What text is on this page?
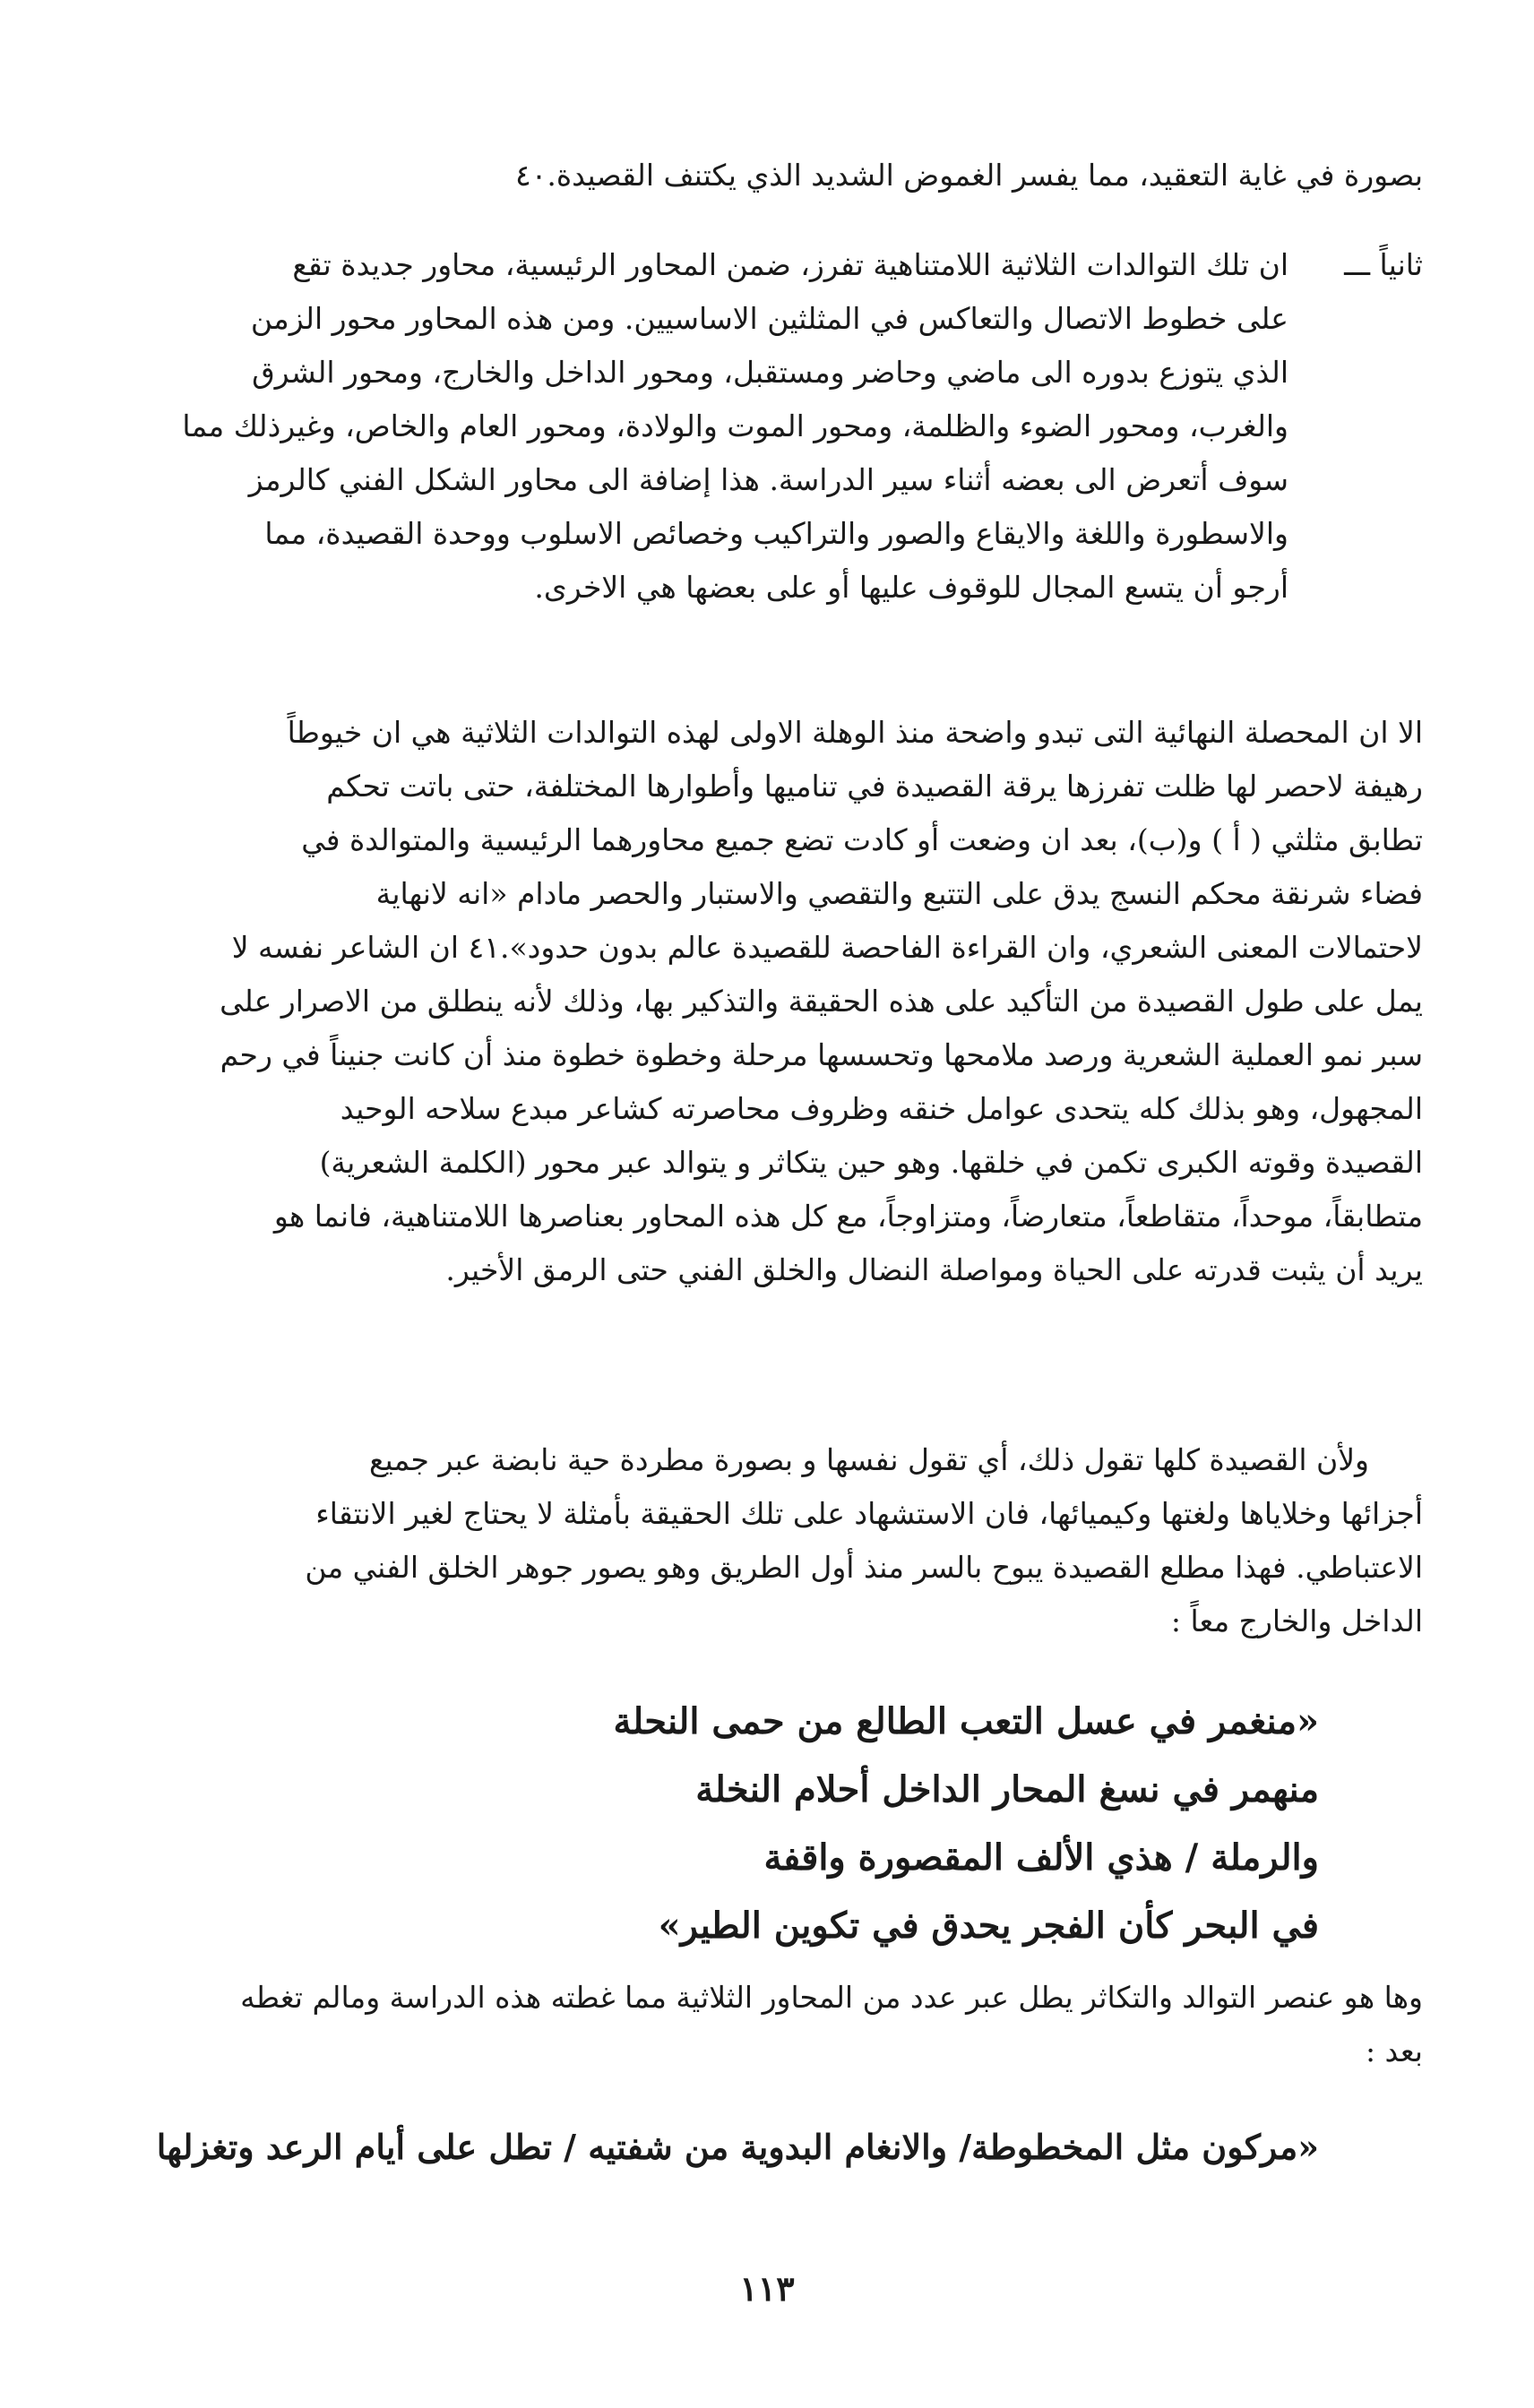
بصورة في غاية التعقيد، مما يفسر الغموض الشديد الذي يكتنف القصيدة.٤٠
ثانياً ـــ
ان تلك التوالدات الثلاثية اللامتناهية تفرز، ضمن المحاور الرئيسية، محاور جديدة تقع
على خطوط الاتصال والتعاكس في المثلثين الاساسيين. ومن هذه المحاور محور الزمن
الذي يتوزع بدوره الى ماضي وحاضر ومستقبل، ومحور الداخل والخارج، ومحور الشرق
والغرب، ومحور الضوء والظلمة، ومحور الموت والولادة، ومحور العام والخاص، وغيرذلك مما
سوف أتعرض الى بعضه أثناء سير الدراسة. هذا إضافة الى محاور الشكل الفني كالرمز
والاسطورة واللغة والايقاع والصور والتراكيب وخصائص الاسلوب ووحدة القصيدة، مما
أرجو أن يتسع المجال للوقوف عليها أو على بعضها هي الاخرى.
الا ان المحصلة النهائية التى تبدو واضحة منذ الوهلة الاولى لهذه التوالدات الثلاثية هي ان خيوطاً
رهيفة لاحصر لها ظلت تفرزها يرقة القصيدة في تناميها وأطوارها المختلفة، حتى باتت تحكم
تطابق مثلثي ( أ ) و(ب)، بعد ان وضعت أو كادت تضع جميع محاورهما الرئيسية والمتوالدة في
فضاء شرنقة محكم النسج يدق على التتبع والتقصي والاستبار والحصر مادام «انه لانهاية
لاحتمالات المعنى الشعري، وان القراءة الفاحصة للقصيدة عالم بدون حدود».٤١ ان الشاعر نفسه لا
يمل على طول القصيدة من التأكيد على هذه الحقيقة والتذكير بها، وذلك لأنه ينطلق من الاصرار على
سبر نمو العملية الشعرية ورصد ملامحها وتحسسها مرحلة وخطوة خطوة منذ أن كانت جنيناً في رحم
المجهول، وهو بذلك كله يتحدى عوامل خنقه وظروف محاصرته كشاعر مبدع سلاحه الوحيد
القصيدة وقوته الكبرى تكمن في خلقها. وهو حين يتكاثر و يتوالد عبر محور (الكلمة الشعرية)
متطابقاً، موحداً، متقاطعاً، متعارضاً، ومتزاوجاً، مع كل هذه المحاور بعناصرها اللامتناهية، فانما هو
يريد أن يثبت قدرته على الحياة ومواصلة النضال والخلق الفني حتى الرمق الأخير.
ولأن القصيدة كلها تقول ذلك، أي تقول نفسها و بصورة مطردة حية نابضة عبر جميع
أجزائها وخلاياها ولغتها وكيميائها، فان الاستشهاد على تلك الحقيقة بأمثلة لا يحتاج لغير الانتقاء
الاعتباطي. فهذا مطلع القصيدة يبوح بالسر منذ أول الطريق وهو يصور جوهر الخلق الفني من
الداخل والخارج معاً :
«منغمر في عسل التعب الطالع من حمى النحلة
منهمر في نسغ المحار الداخل أحلام النخلة
والرملة / هذي الألف المقصورة واقفة
في البحر كأن الفجر يحدق في تكوين الطير»
وها هو عنصر التوالد والتكاثر يطل عبر عدد من المحاور الثلاثية مما غطته هذه الدراسة ومالم تغطه
بعد :
«مركون مثل المخطوطة/ والانغام البدوية من شفتيه / تطل على أيام الرعد وتغزلها
١١٣
